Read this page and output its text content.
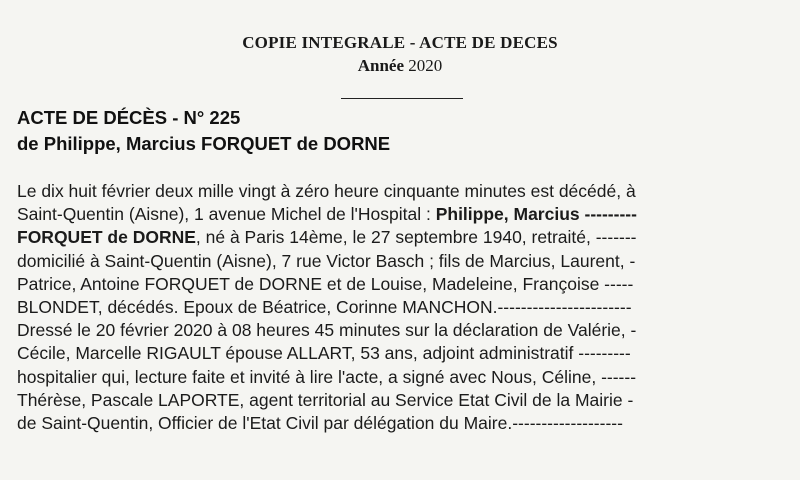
COPIE INTEGRALE - ACTE DE DECES
Année 2020
ACTE DE DÉCÈS - N° 225
de Philippe, Marcius FORQUET de DORNE
Le dix huit février deux mille vingt à zéro heure cinquante minutes est décédé, à
Saint-Quentin (Aisne), 1 avenue Michel de l'Hospital : Philippe, Marcius ---------
FORQUET de DORNE, né à Paris 14ème, le 27 septembre 1940, retraité, -------
domicilié à Saint-Quentin (Aisne), 7 rue Victor Basch ; fils de Marcius, Laurent, -
Patrice, Antoine FORQUET de DORNE et de Louise, Madeleine, Françoise -----
BLONDET, décédés. Epoux de Béatrice, Corinne MANCHON.-----------------------
Dressé le 20 février 2020 à 08 heures 45 minutes sur la déclaration de Valérie, -
Cécile, Marcelle RIGAULT épouse ALLART, 53 ans, adjoint administratif ---------
hospitalier qui, lecture faite et invité à lire l'acte, a signé avec Nous, Céline, ------
Thérèse, Pascale LAPORTE, agent territorial au Service Etat Civil de la Mairie -
de Saint-Quentin, Officier de l'Etat Civil par délégation du Maire.-------------------
